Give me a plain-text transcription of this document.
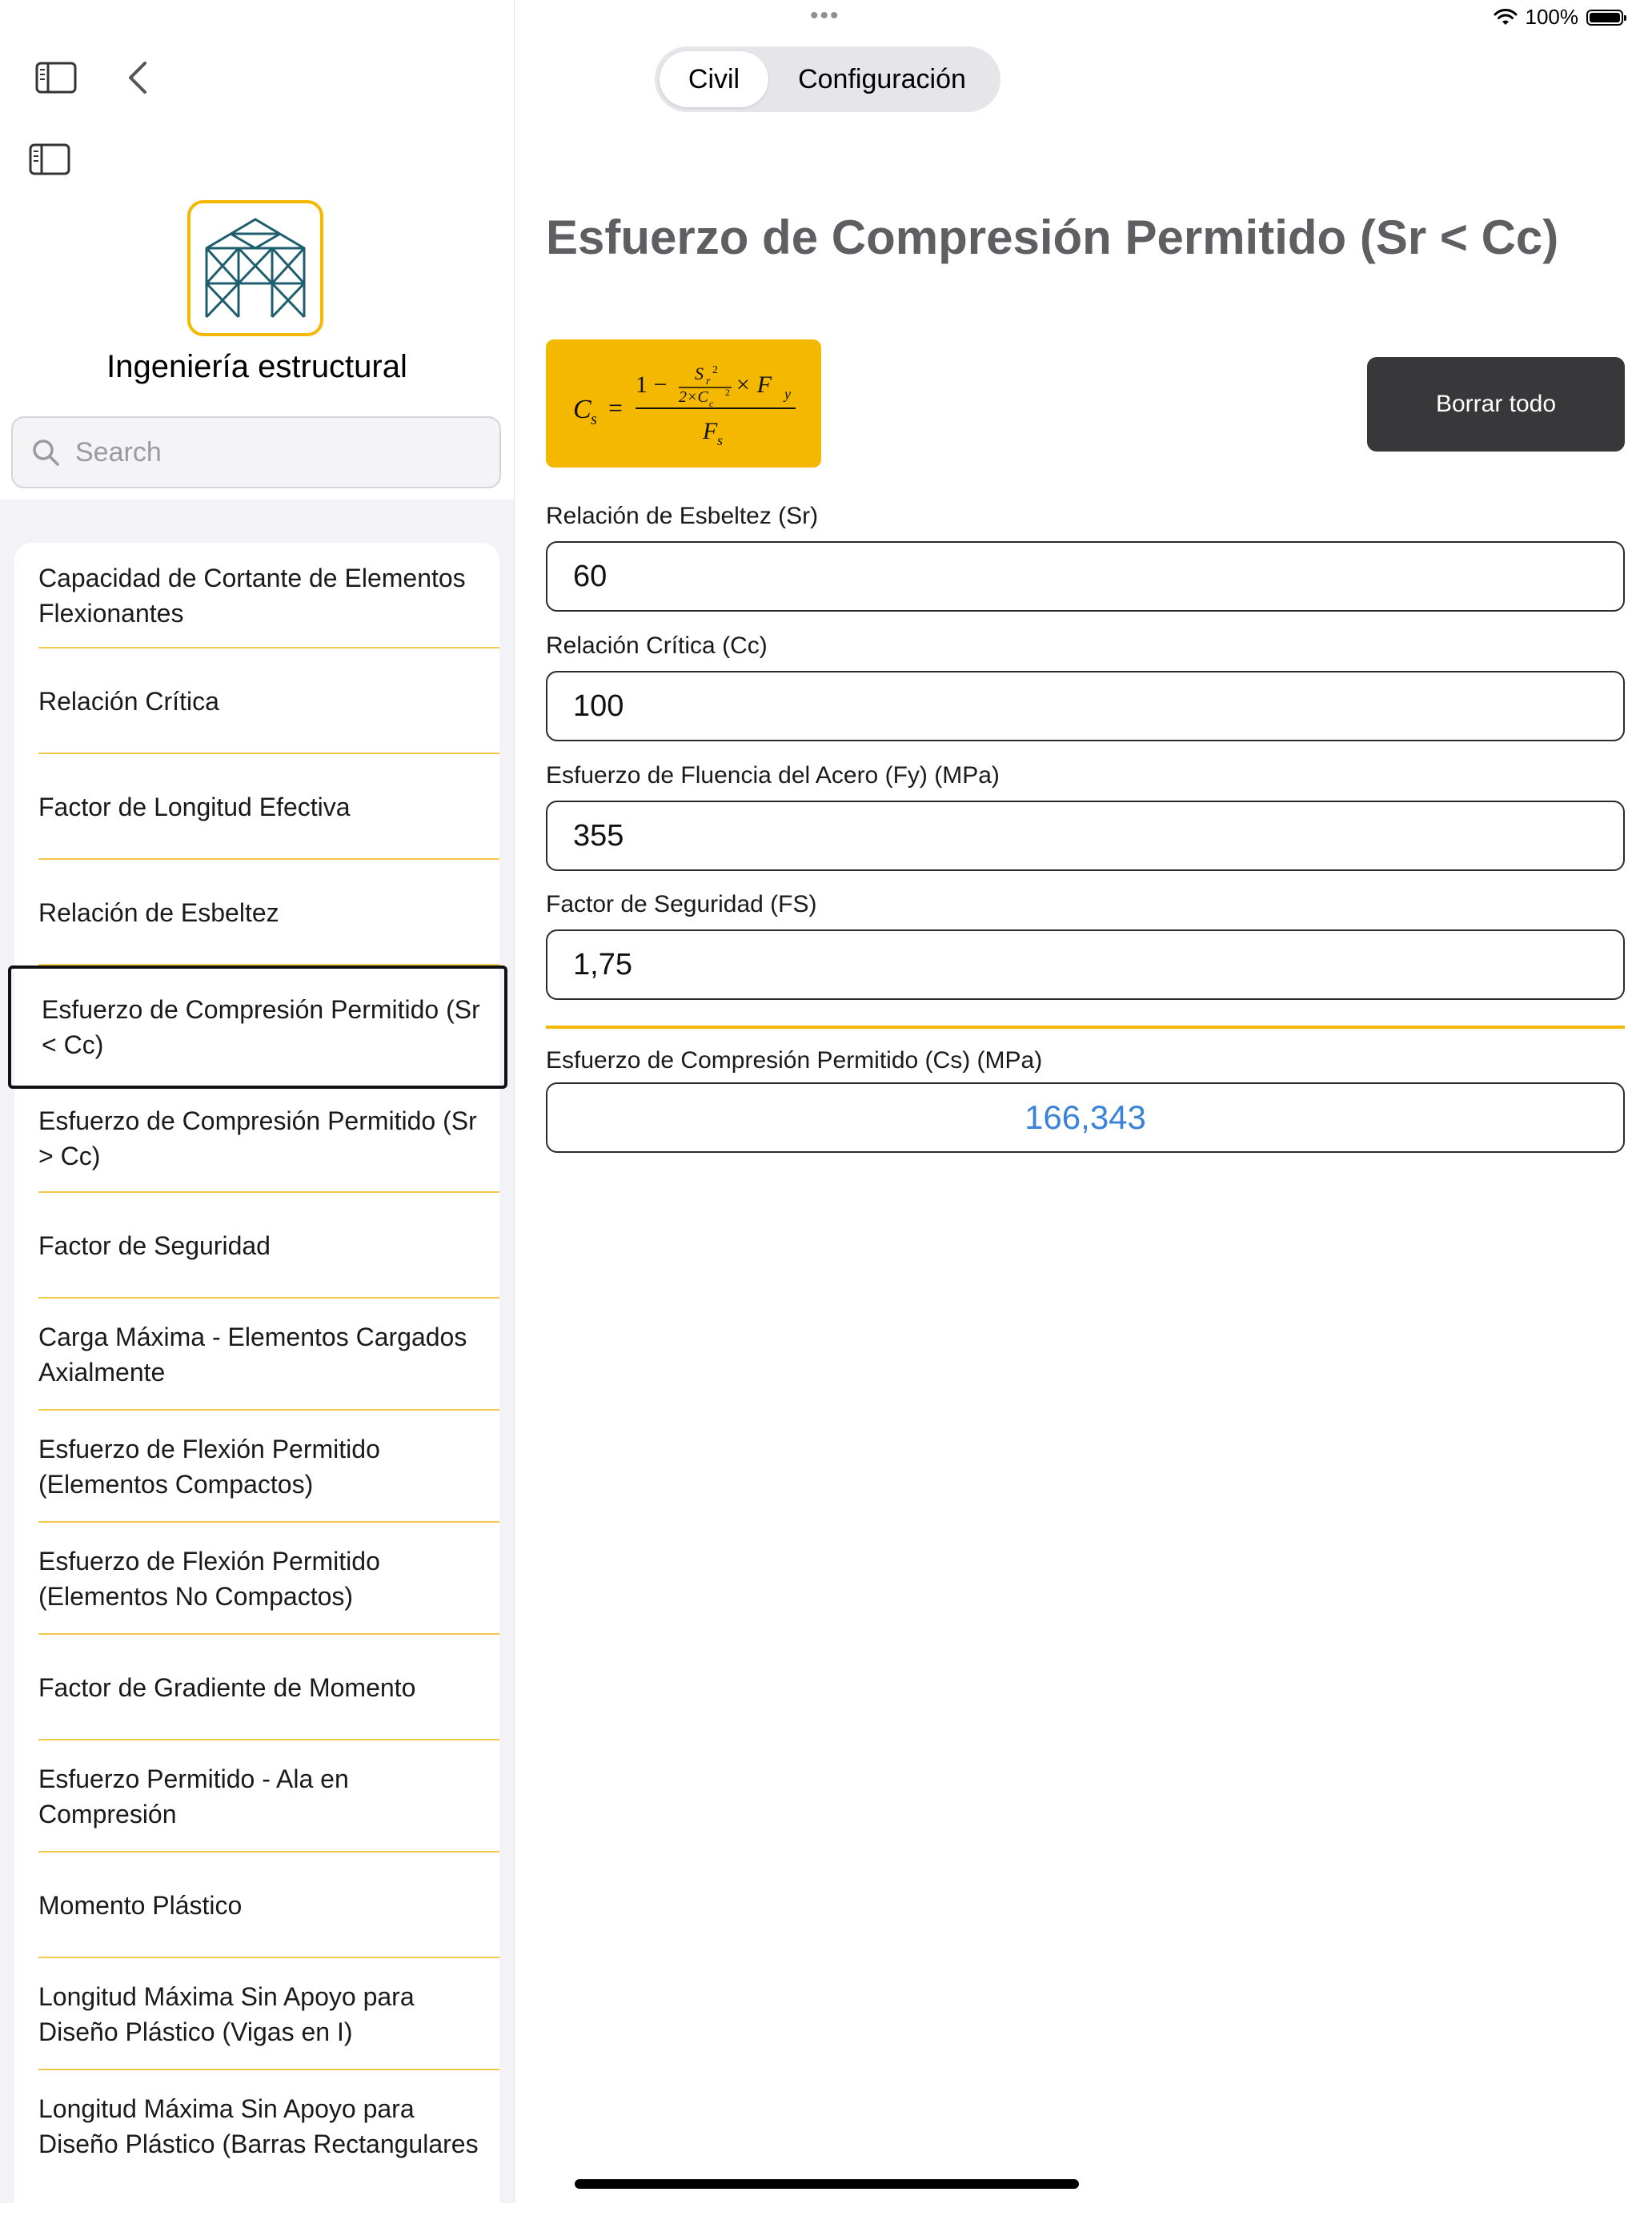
•••	100%
Ingeniería estructural
Search
Capacidad de Cortante de Elementos Flexionantes
Relación Crítica
Factor de Longitud Efectiva
Relación de Esbeltez
Esfuerzo de Compresión Permitido (Sr < Cc)
Esfuerzo de Compresión Permitido (Sr > Cc)
Factor de Seguridad
Carga Máxima - Elementos Cargados Axialmente
Esfuerzo de Flexión Permitido (Elementos Compactos)
Esfuerzo de Flexión Permitido (Elementos No Compactos)
Factor de Gradiente de Momento
Esfuerzo Permitido - Ala en Compresión
Momento Plástico
Longitud Máxima Sin Apoyo para Diseño Plástico (Vigas en I)
Longitud Máxima Sin Apoyo para Diseño Plástico (Barras Rectangulares
Civil	Configuración
Esfuerzo de Compresión Permitido (Sr < Cc)
C s =
1 − S r
2
2×C c
2 × F y
F s
Borrar todo
Relación de Esbeltez (Sr)
60
Relación Crítica (Cc)
100
Esfuerzo de Fluencia del Acero (Fy) (MPa)
355
Factor de Seguridad (FS)
1,75
Esfuerzo de Compresión Permitido (Cs) (MPa)
166,343
